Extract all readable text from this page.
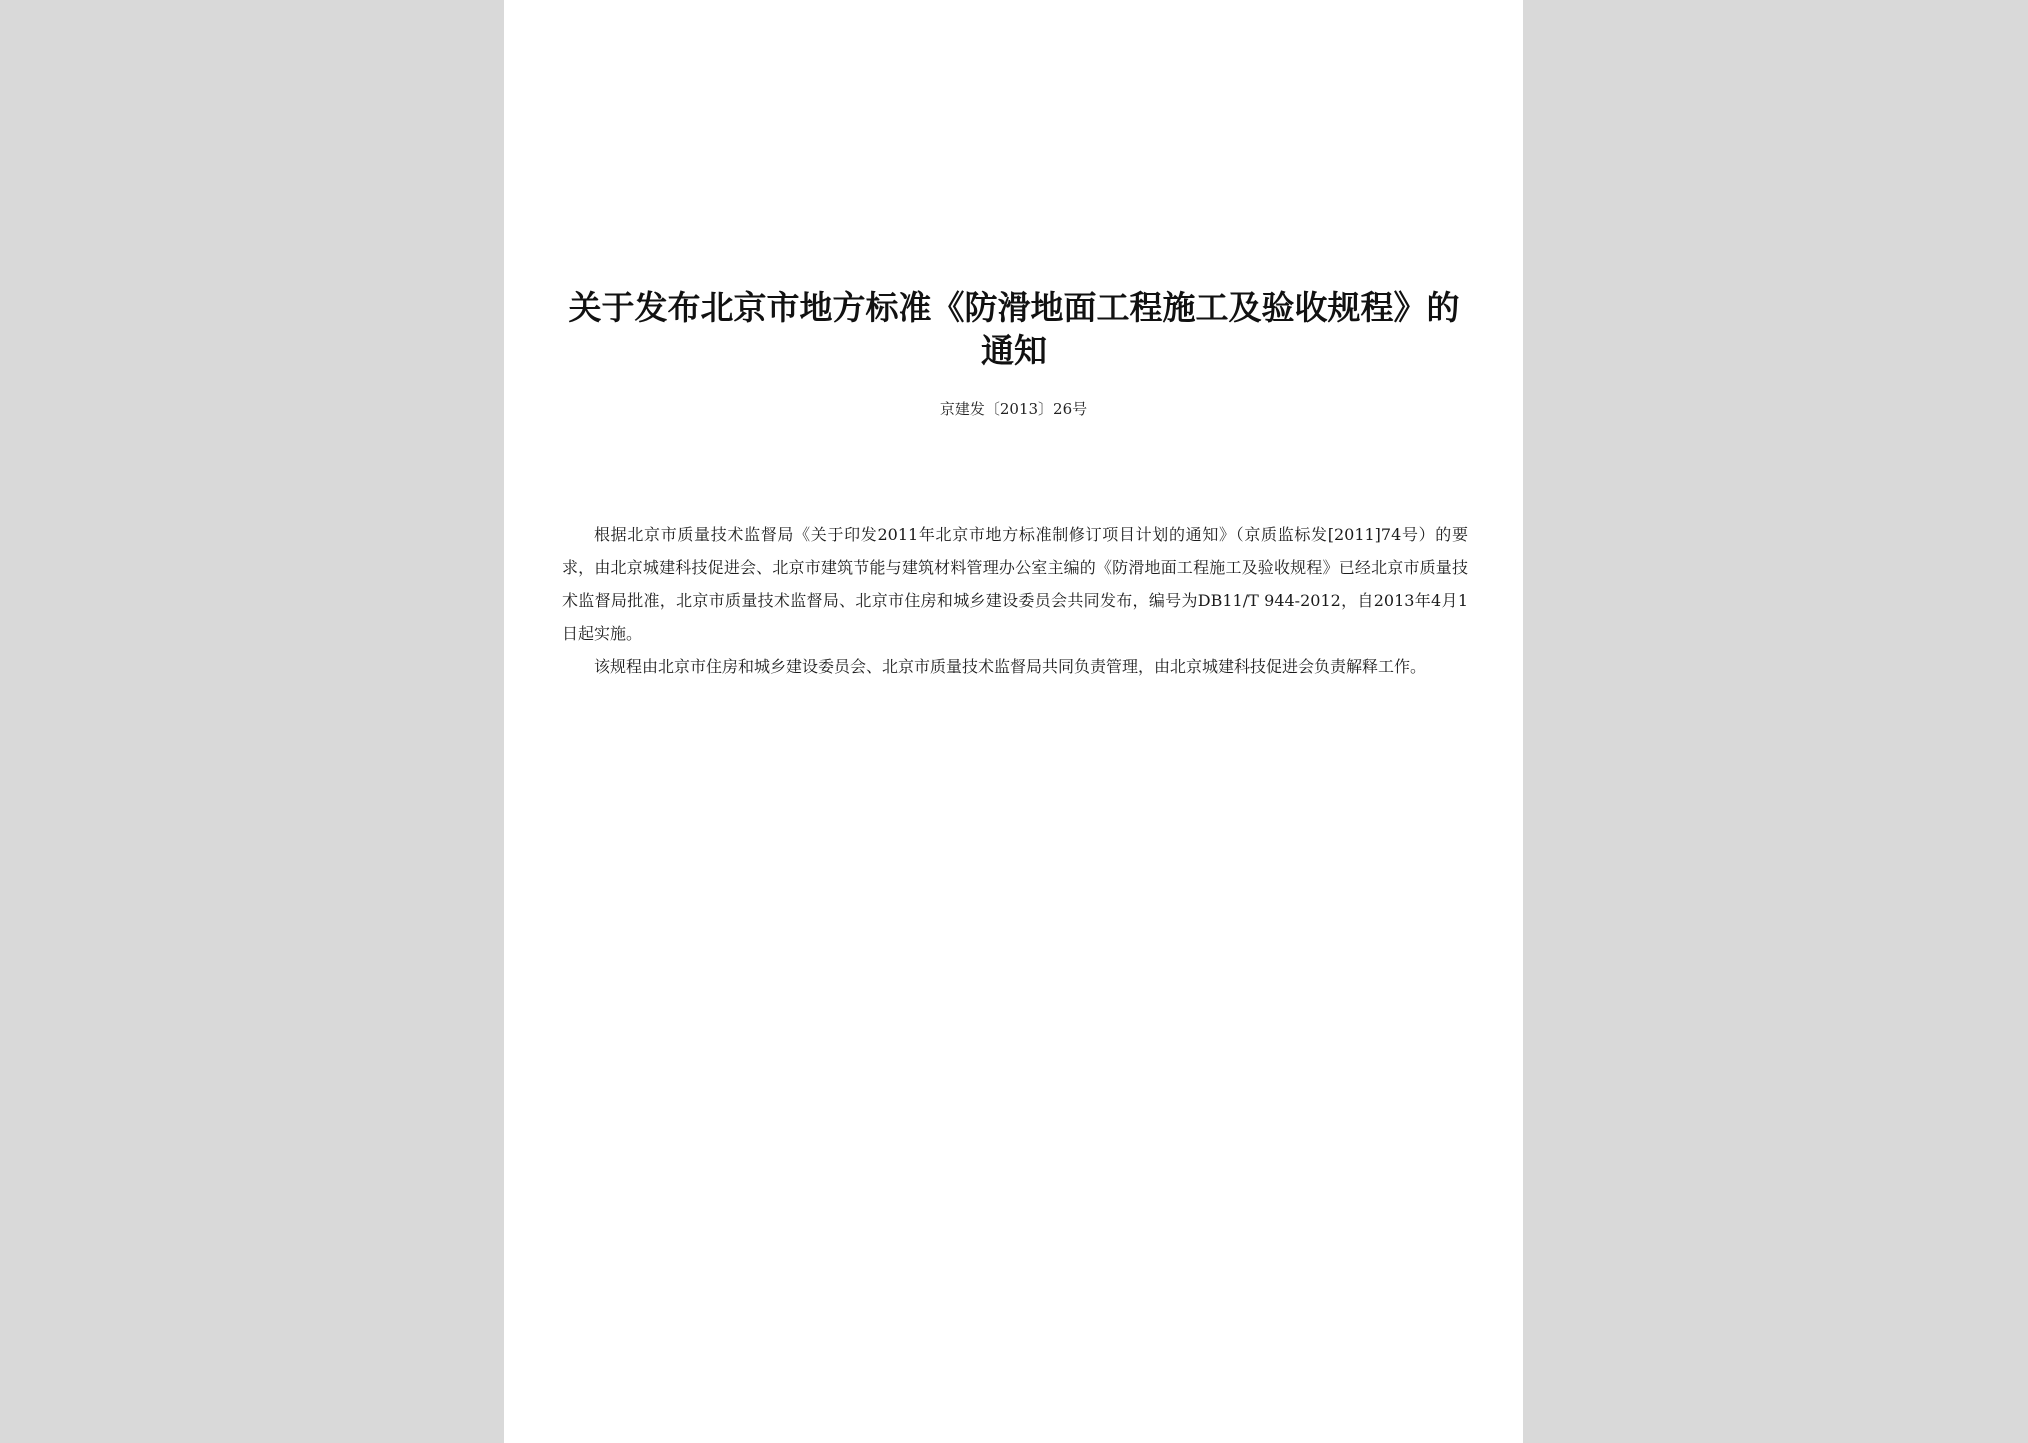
关于发布北京市地方标准《防滑地面工程施工及验收规程》的通知
京建发〔2013〕26号

根据北京市质量技术监督局《关于印发2011年北京市地方标准制修订项目计划的通知》（京质监标发[2011]74号）的要求，由北京城建科技促进会、北京市建筑节能与建筑材料管理办公室主编的《防滑地面工程施工及验收规程》已经北京市质量技术监督局批准，北京市质量技术监督局、北京市住房和城乡建设委员会共同发布，编号为DB11/T 944-2012，自2013年4月1日起实施。

该规程由北京市住房和城乡建设委员会、北京市质量技术监督局共同负责管理，由北京城建科技促进会负责解释工作。
